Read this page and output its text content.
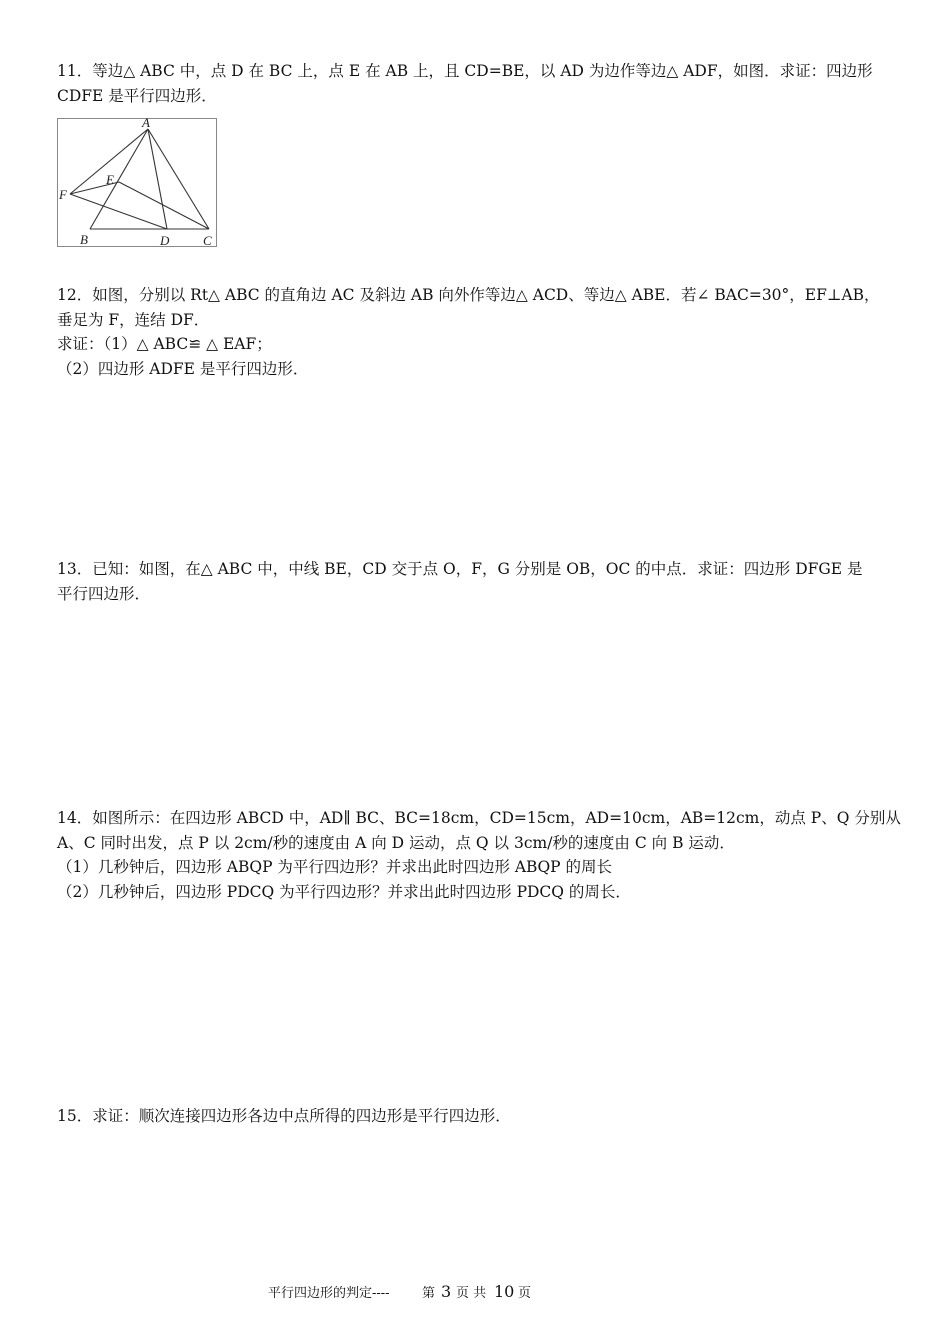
11．等边△ ABC 中，点 D 在 BC 上，点 E 在 AB 上，且 CD=BE，以 AD 为边作等边△ ADF，如图．求证：四边形
CDFE 是平行四边形．
A
E
F
B	D	C
12．如图，分别以 Rt△ ABC 的直角边 AC 及斜边 AB 向外作等边△ ACD、等边△ ABE．若∠ BAC=30°，EF⊥AB，
垂足为 F，连结 DF．
求证：（1）△ ABC≌ △ EAF；
（2）四边形 ADFE 是平行四边形．
13．已知：如图，在△ ABC 中，中线 BE，CD 交于点 O，F，G 分别是 OB，OC 的中点．求证：四边形 DFGE 是
平行四边形．
14．如图所示：在四边形 ABCD 中，AD∥ BC、BC=18cm，CD=15cm，AD=10cm，AB=12cm，动点 P、Q 分别从
A、C 同时出发，点 P 以 2cm/秒的速度由 A 向 D 运动，点 Q 以 3cm/秒的速度由 C 向 B 运动．
（1）几秒钟后，四边形 ABQP 为平行四边形？并求出此时四边形 ABQP 的周长
（2）几秒钟后，四边形 PDCQ 为平行四边形？并求出此时四边形 PDCQ 的周长．
15．求证：顺次连接四边形各边中点所得的四边形是平行四边形．
平行四边形的判定---- 第 3 页 共 10 页
